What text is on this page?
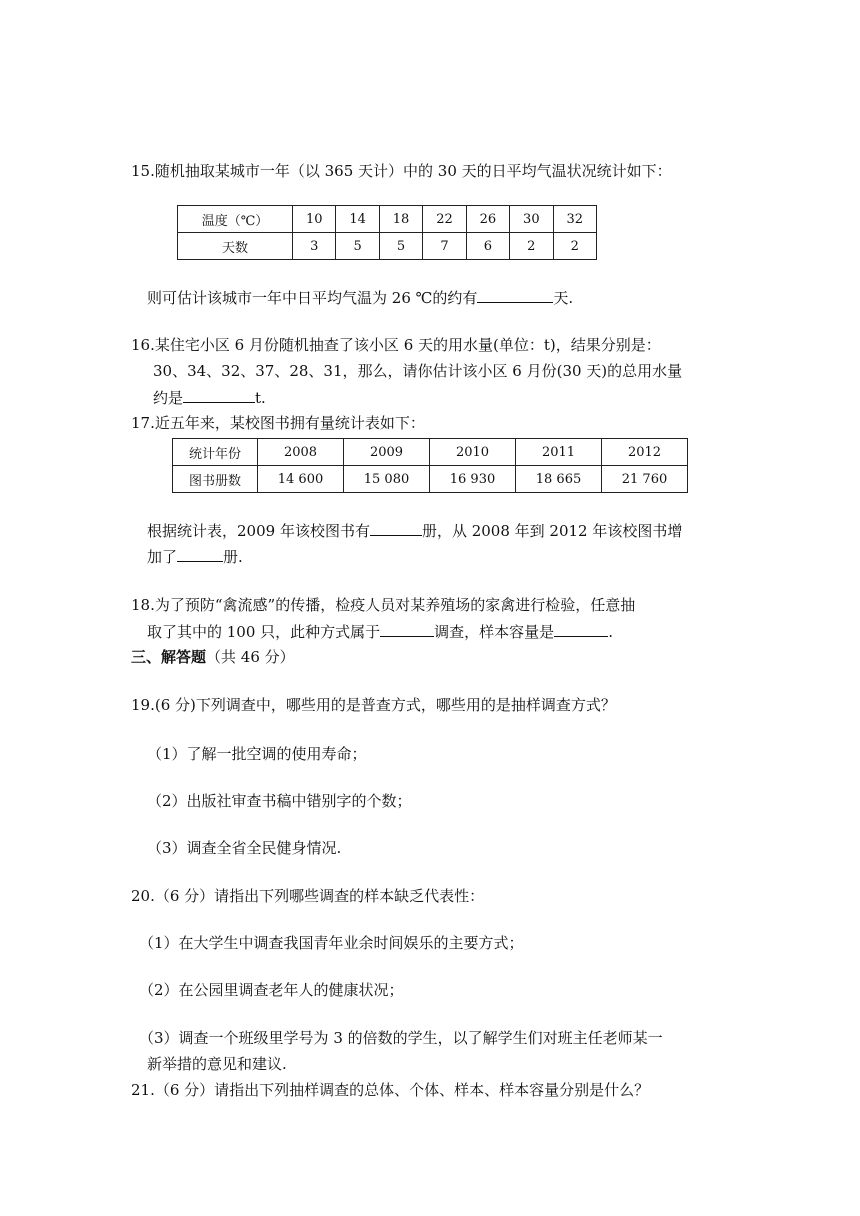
15.随机抽取某城市一年（以 365 天计）中的 30 天的日平均气温状况统计如下：
温度（℃）	10	14	18	22	26	30	32
天数	3	5	5	7	6	2	2
则可估计该城市一年中日平均气温为 26 ℃的约有	天.
16.某住宅小区 6 月份随机抽查了该小区 6 天的用水量(单位：t)，结果分别是：
30、34、32、37、28、31，那么，请你估计该小区 6 月份(30 天)的总用水量
约是	t.
17.近五年来，某校图书拥有量统计表如下：
统计年份	2008	2009	2010	2011	2012
图书册数	14 600	15 080	16 930	18 665	21 760
根据统计表，2009 年该校图书有	册，从 2008 年到 2012 年该校图书增
加了	册.
18.为了预防“禽流感”的传播，检疫人员对某养殖场的家禽进行检验，任意抽
取了其中的 100 只，此种方式属于	调查，样本容量是	.
三、解答题（共 46 分）
19.(6 分)下列调查中，哪些用的是普查方式，哪些用的是抽样调查方式？
（1）了解一批空调的使用寿命；
（2）出版社审查书稿中错别字的个数；
（3）调查全省全民健身情况.
20.（6 分）请指出下列哪些调查的样本缺乏代表性：
（1）在大学生中调查我国青年业余时间娱乐的主要方式；
（2）在公园里调查老年人的健康状况；
（3）调查一个班级里学号为 3 的倍数的学生，以了解学生们对班主任老师某一
新举措的意见和建议.
21.（6 分）请指出下列抽样调查的总体、个体、样本、样本容量分别是什么？
